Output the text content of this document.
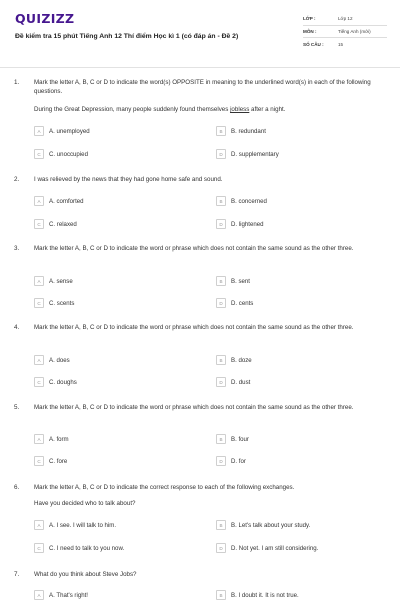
QUIZIZZ
Đề kiểm tra 15 phút Tiếng Anh 12 Thí điểm Học kì 1 (có đáp án - Đề 2)
LỚP :	Lớp 12
MÔN :	Tiếng Anh (mới)
SỐ CÂU :	15
1. Mark the letter A, B, C or D to indicate the word(s) OPPOSITE in meaning to the underlined word(s) in each of the following questions.
During the Great Depression, many people suddenly found themselves jobless after a night.
A	A. unemployed	B	B. redundant
C	C. unoccupied	D	D. supplementary
2. I was relieved by the news that they had gone home safe and sound.
A	A. comforted	B	B. concerned
C	C. relaxed	D	D. lightened
3. Mark the letter A, B, C or D to indicate the word or phrase which does not contain the same sound as the other three.
A	A. sense	B	B. sent
C	C. scents	D	D. cents
4. Mark the letter A, B, C or D to indicate the word or phrase which does not contain the same sound as the other three.
A	A. does	B	B. doze
C	C. doughs	D	D. dust
5. Mark the letter A, B, C or D to indicate the word or phrase which does not contain the same sound as the other three.
A	A. form	B	B. four
C	C. fore	D	D. for
6. Mark the letter A, B, C or D to indicate the correct response to each of the following exchanges.
Have you decided who to talk about?
A	A. I see. I will talk to him.	B	B. Let's talk about your study.
C	C. I need to talk to you now.	D	D. Not yet. I am still considering.
7. What do you think about Steve Jobs?
A	A. That's right!	B	B. I doubt it. It is not true.
